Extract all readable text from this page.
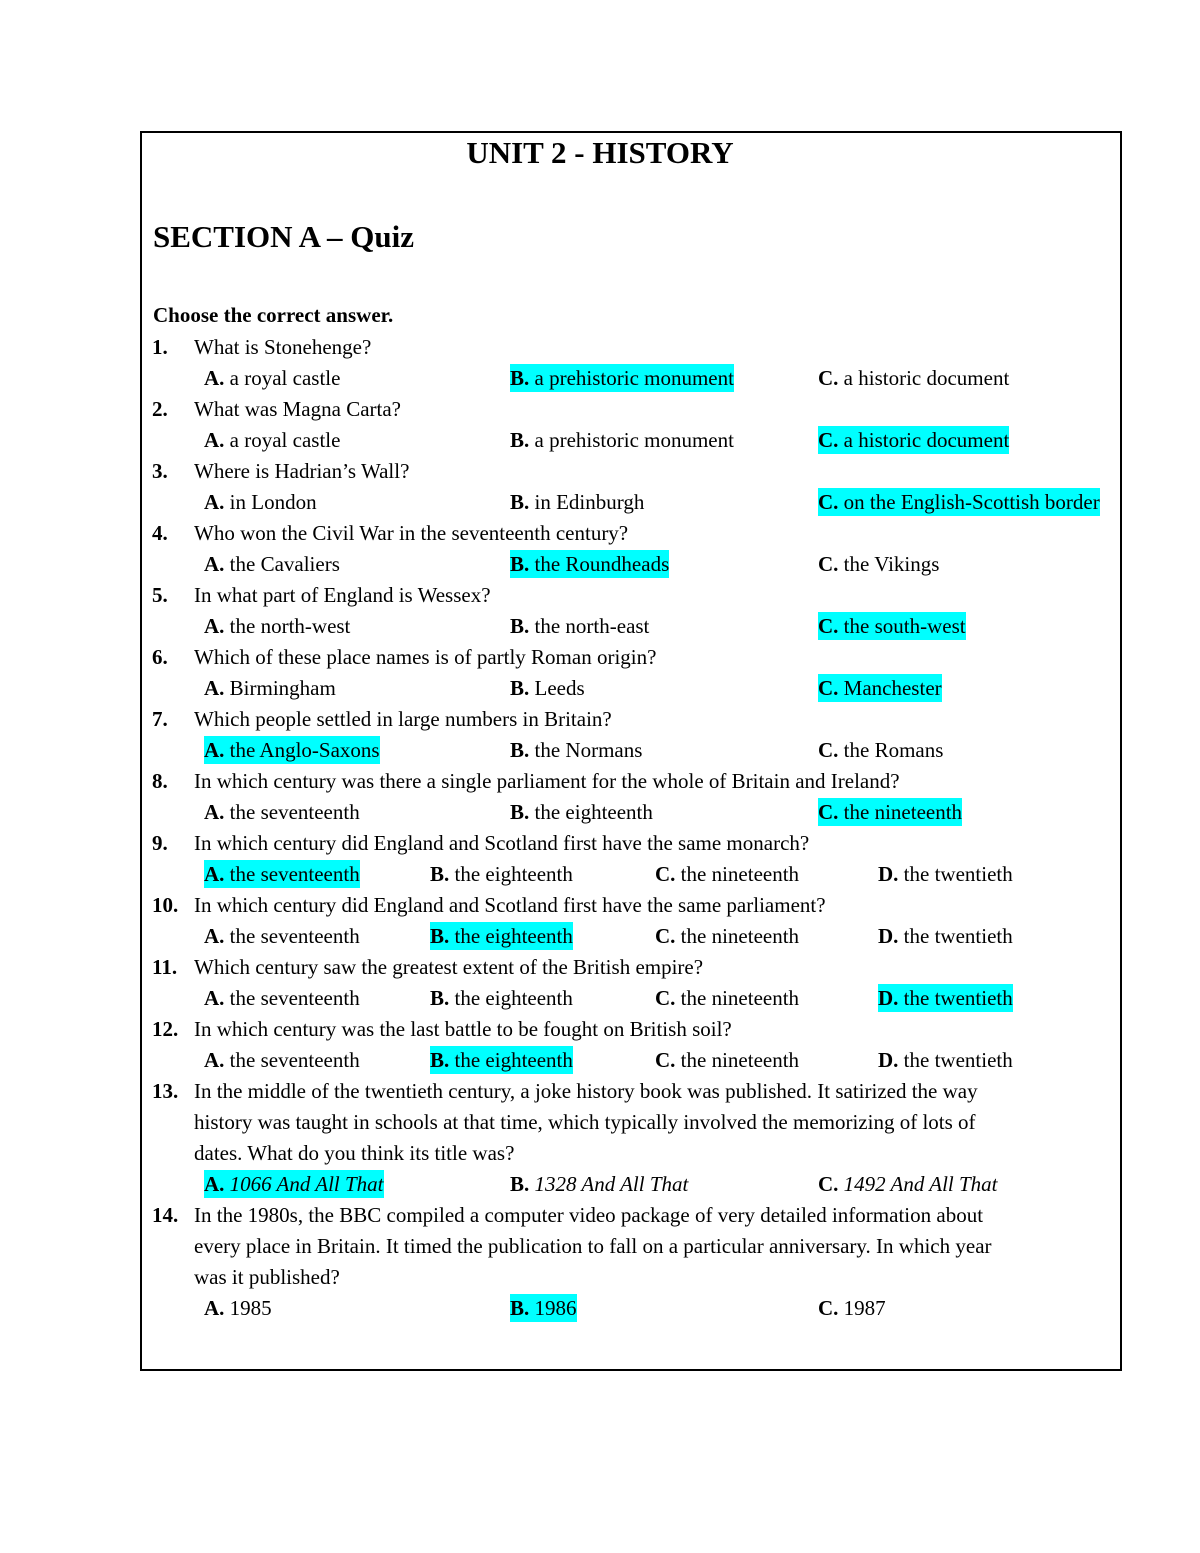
UNIT 2 - HISTORY
SECTION A – Quiz
Choose the correct answer.
1. What is Stonehenge?
A. a royal castle	B. a prehistoric monument	C. a historic document
2. What was Magna Carta?
A. a royal castle	B. a prehistoric monument	C. a historic document
3. Where is Hadrian’s Wall?
A. in London	B. in Edinburgh	C. on the English-Scottish border
4. Who won the Civil War in the seventeenth century?
A. the Cavaliers	B. the Roundheads	C. the Vikings
5. In what part of England is Wessex?
A. the north-west	B. the north-east	C. the south-west
6. Which of these place names is of partly Roman origin?
A. Birmingham	B. Leeds	C. Manchester
7. Which people settled in large numbers in Britain?
A. the Anglo-Saxons	B. the Normans	C. the Romans
8. In which century was there a single parliament for the whole of Britain and Ireland?
A. the seventeenth	B. the eighteenth	C. the nineteenth
9. In which century did England and Scotland first have the same monarch?
A. the seventeenth	B. the eighteenth	C. the nineteenth	D. the twentieth
10. In which century did England and Scotland first have the same parliament?
A. the seventeenth	B. the eighteenth	C. the nineteenth	D. the twentieth
11. Which century saw the greatest extent of the British empire?
A. the seventeenth	B. the eighteenth	C. the nineteenth	D. the twentieth
12. In which century was the last battle to be fought on British soil?
A. the seventeenth	B. the eighteenth	C. the nineteenth	D. the twentieth
13. In the middle of the twentieth century, a joke history book was published. It satirized the way
history was taught in schools at that time, which typically involved the memorizing of lots of
dates. What do you think its title was?
A. 1066 And All That	B. 1328 And All That	C. 1492 And All That
14. In the 1980s, the BBC compiled a computer video package of very detailed information about
every place in Britain. It timed the publication to fall on a particular anniversary. In which year
was it published?
A. 1985	B. 1986	C. 1987
